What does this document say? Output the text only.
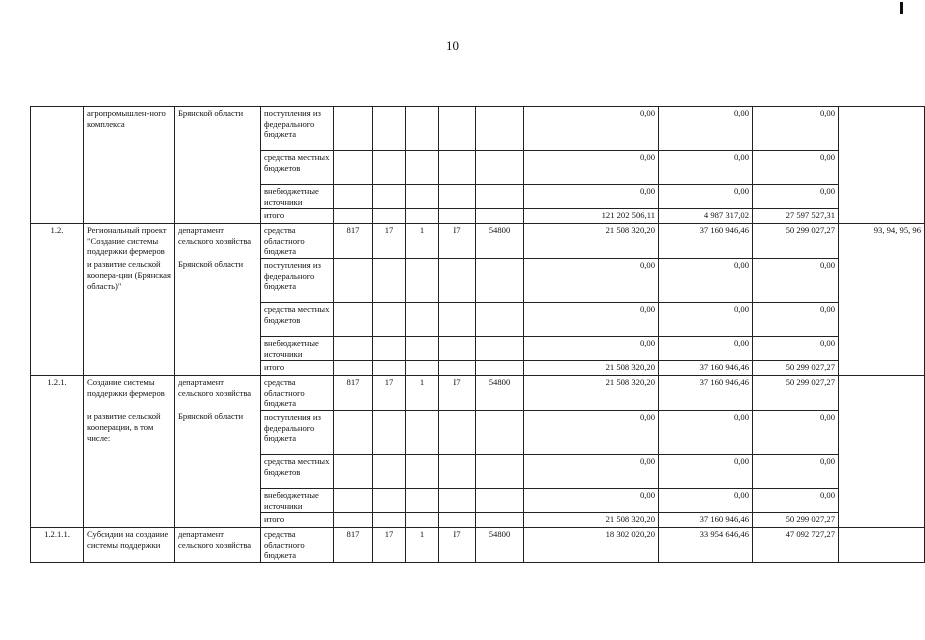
10
	агропромышлен-ного комплекса	Брянской области	поступления из федерального бюджета						0,00	0,00	0,00	
			средства местных бюджетов						0,00	0,00	0,00	
			внебюджетные источники						0,00	0,00	0,00	
			итого						121 202 506,11	4 987 317,02	27 597 527,31	
1.2.	Региональный проект "Создание системы поддержки фермеров	департамент сельского хозяйства	средства областного бюджета	817	17	1	I7	54800	21 508 320,20	37 160 946,46	50 299 027,27	93, 94, 95, 96
	и развитие сельской коопера-ции (Брянская область)"	Брянской области	поступления из федерального бюджета						0,00	0,00	0,00	
			средства местных бюджетов						0,00	0,00	0,00	
			внебюджетные источники						0,00	0,00	0,00	
			итого						21 508 320,20	37 160 946,46	50 299 027,27	
1.2.1.	Создание системы поддержки фермеров	департамент сельского хозяйства	средства областного бюджета	817	17	1	I7	54800	21 508 320,20	37 160 946,46	50 299 027,27	
	и развитие сельской кооперации, в том числе:	Брянской области	поступления из федерального бюджета						0,00	0,00	0,00	
			средства местных бюджетов						0,00	0,00	0,00	
			внебюджетные источники						0,00	0,00	0,00	
			итого						21 508 320,20	37 160 946,46	50 299 027,27	
1.2.1.1.	Субсидии на создание системы поддержки	департамент сельского хозяйства	средства областного бюджета	817	17	1	I7	54800	18 302 020,20	33 954 646,46	47 092 727,27	
